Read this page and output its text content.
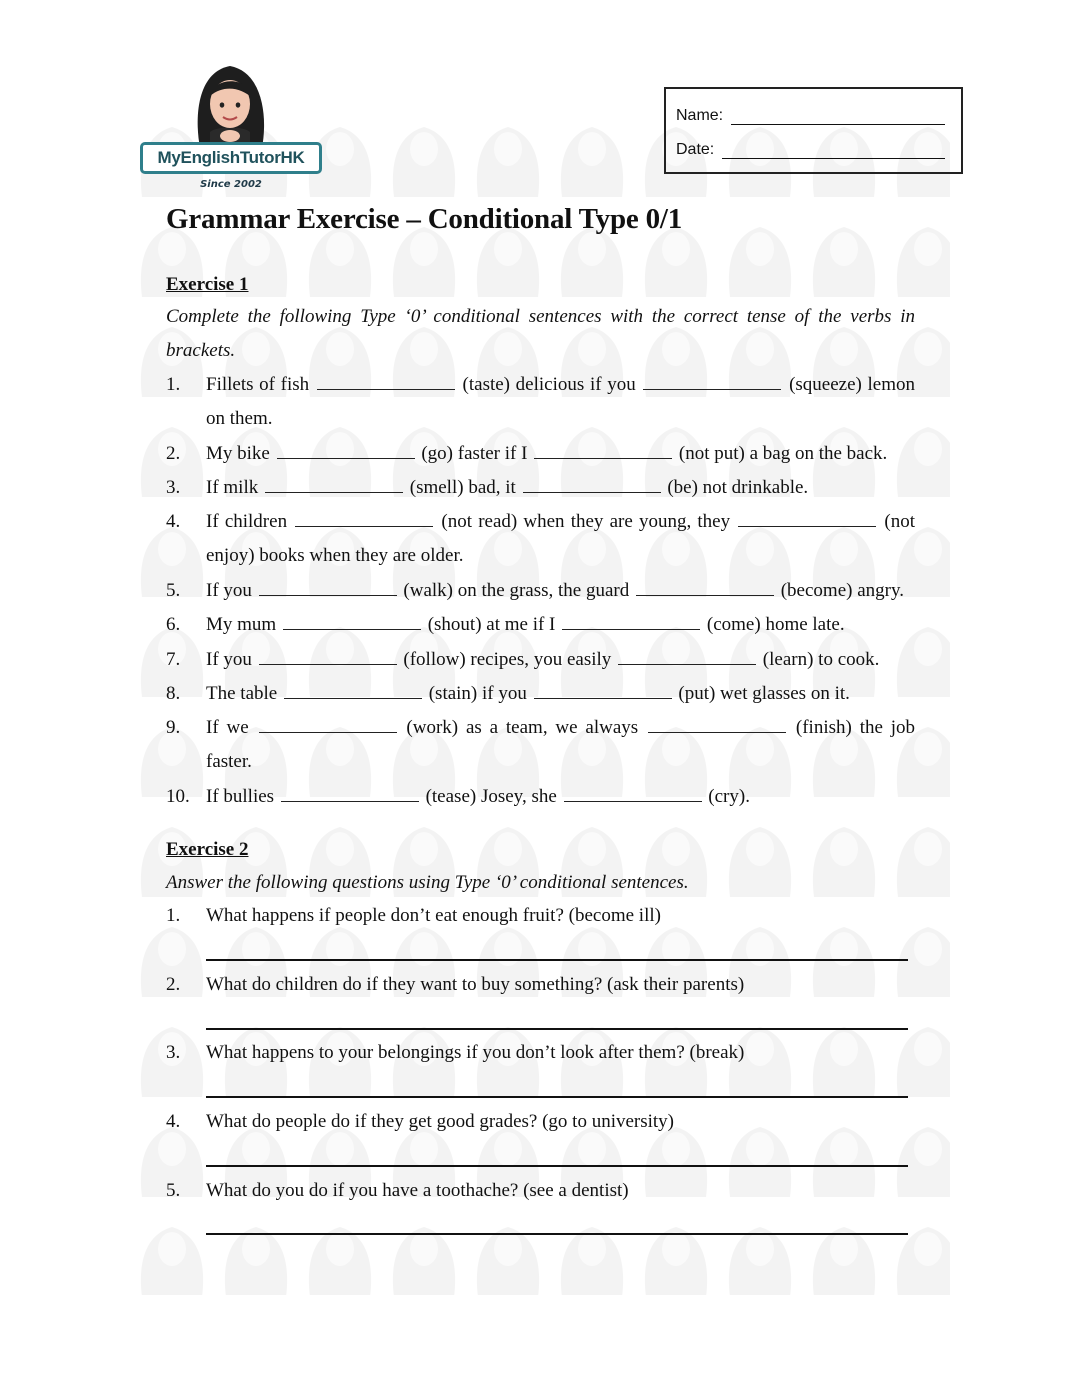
MyEnglishTutorHK
Since 2002
Name:
Date:
Grammar Exercise – Conditional Type 0/1
Exercise 1
Complete the following Type ‘0’ conditional sentences with the correct tense of the verbs in brackets.
1. Fillets of fish	(taste) delicious if you	(squeeze) lemon
on them.
2. My bike	(go) faster if I	(not put) a bag on the back.
3. If milk	(smell) bad, it	(be) not drinkable.
4. If children	(not read) when they are young, they	(not
enjoy) books when they are older.
5. If you	(walk) on the grass, the guard	(become) angry.
6. My mum	(shout) at me if I	(come) home late.
7. If you	(follow) recipes, you easily	(learn) to cook.
8. The table	(stain) if you	(put) wet glasses on it.
9. If we	(work) as a team, we always	(finish) the job
faster.
10. If bullies	(tease) Josey, she	(cry).
Exercise 2
Answer the following questions using Type ‘0’ conditional sentences.
1. What happens if people don’t eat enough fruit? (become ill)
2. What do children do if they want to buy something? (ask their parents)
3. What happens to your belongings if you don’t look after them? (break)
4. What do people do if they get good grades? (go to university)
5. What do you do if you have a toothache? (see a dentist)
